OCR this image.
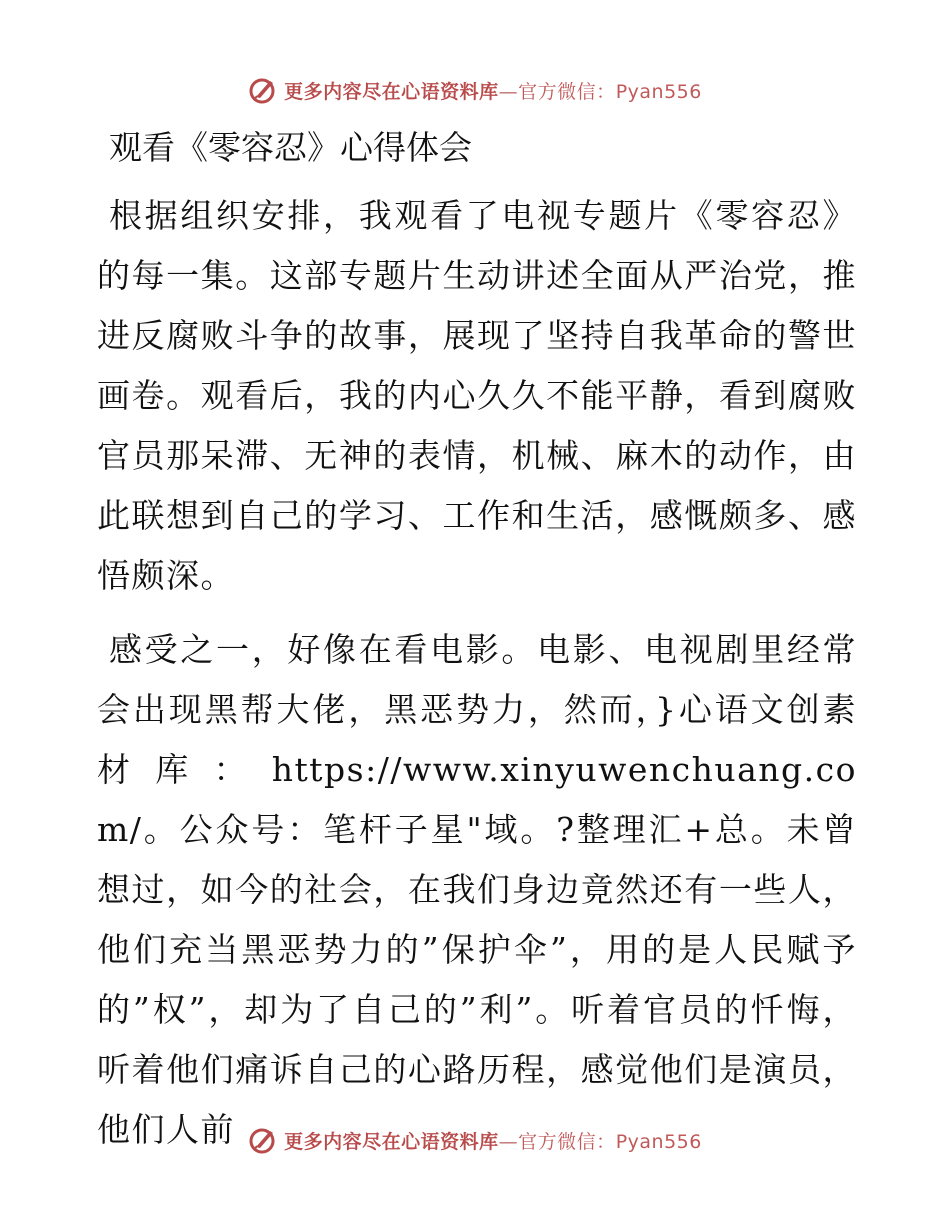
更多内容尽在心语资料库—官方微信：Pyan556
观看《零容忍》心得体会

根据组织安排，我观看了电视专题片《零容忍》的每一集。这部专题片生动讲述全面从严治党，推进反腐败斗争的故事，展现了坚持自我革命的警世画卷。观看后，我的内心久久不能平静，看到腐败官员那呆滞、无神的表情，机械、麻木的动作，由此联想到自己的学习、工作和生活，感慨颇多、感悟颇深。

感受之一，好像在看电影。电影、电视剧里经常会出现黑帮大佬，黑恶势力，然而，}心语文创素材库：https://www.xinyuwenchuang.com/。公众号：笔杆子星"域。?整理汇+总。未曾想过，如今的社会，在我们身边竟然还有一些人，他们充当黑恶势力的”保护伞”，用的是人民赋予的”权”，却为了自己的”利”。听着官员的忏悔，听着他们痛诉自己的心路历程，感觉他们是演员，他们人前	更多内容尽在心语资料库—官方微信：Pyan556
